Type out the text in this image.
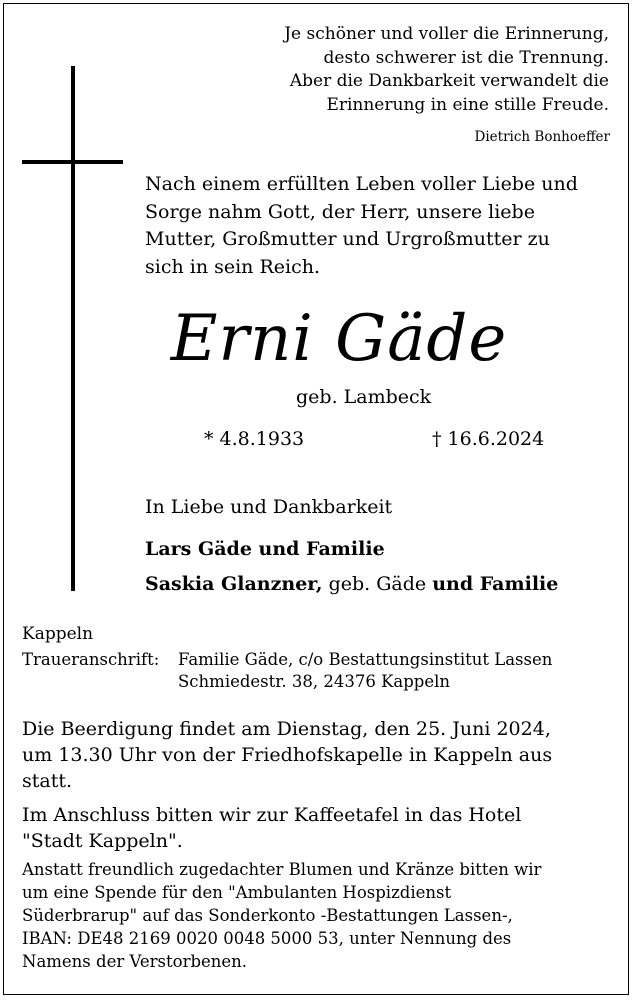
Je schöner und voller die Erinnerung,
desto schwerer ist die Trennung.
Aber die Dankbarkeit verwandelt die
Erinnerung in eine stille Freude.
Dietrich Bonhoeffer
Nach einem erfüllten Leben voller Liebe und
Sorge nahm Gott, der Herr, unsere liebe
Mutter, Großmutter und Urgroßmutter zu
sich in sein Reich.
Erni Gäde
geb. Lambeck
* 4.8.1933	† 16.6.2024
In Liebe und Dankbarkeit
Lars Gäde und Familie
Saskia Glanzner, geb. Gäde und Familie
Kappeln
Traueranschrift: Familie Gäde, c/o Bestattungsinstitut Lassen
Schmiedestr. 38, 24376 Kappeln
Die Beerdigung findet am Dienstag, den 25. Juni 2024,
um 13.30 Uhr von der Friedhofskapelle in Kappeln aus
statt.
Im Anschluss bitten wir zur Kaffeetafel in das Hotel
"Stadt Kappeln".
Anstatt freundlich zugedachter Blumen und Kränze bitten wir
um eine Spende für den "Ambulanten Hospizdienst
Süderbrarup" auf das Sonderkonto -Bestattungen Lassen-,
IBAN: DE48 2169 0020 0048 5000 53, unter Nennung des
Namens der Verstorbenen.
